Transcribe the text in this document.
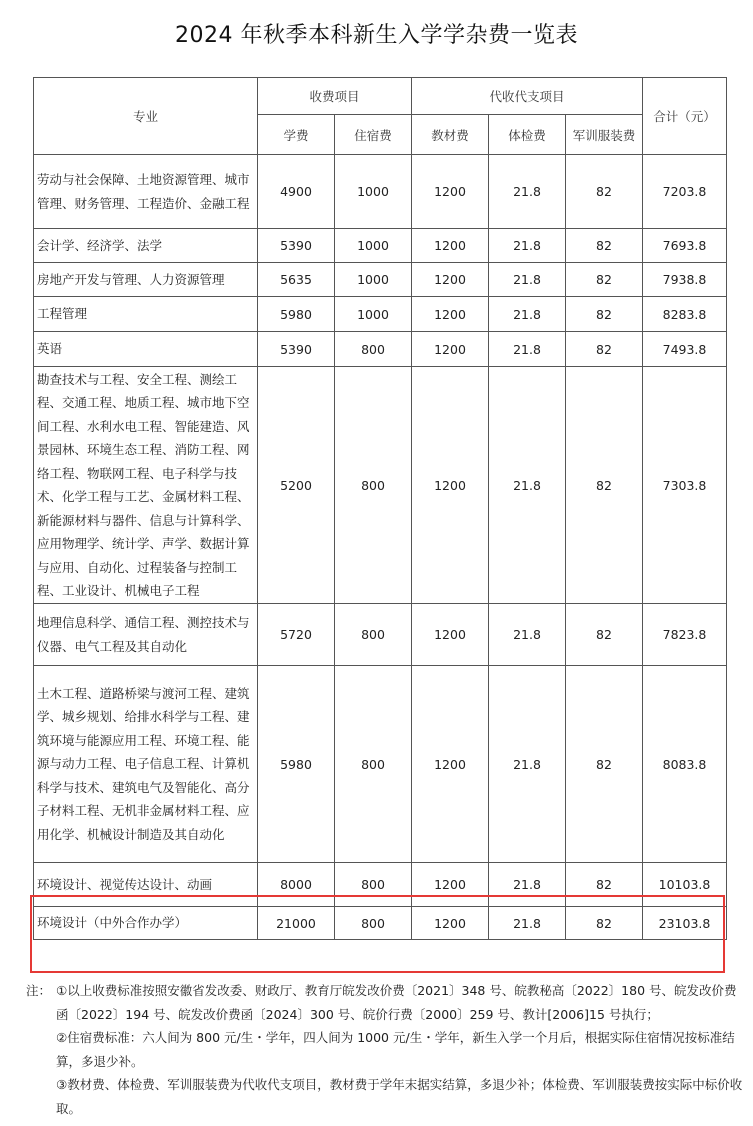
2024 年秋季本科新生入学学杂费一览表
专业	收费项目		代收代支项目			合计（元）
	学费	住宿费	教材费	体检费	军训服装费	
劳动与社会保障、土地资源管理、城市管理、财务管理、工程造价、金融工程	4900	1000	1200	21.8	82	7203.8
会计学、经济学、法学	5390	1000	1200	21.8	82	7693.8
房地产开发与管理、人力资源管理	5635	1000	1200	21.8	82	7938.8
工程管理	5980	1000	1200	21.8	82	8283.8
英语	5390	800	1200	21.8	82	7493.8
勘查技术与工程、安全工程、测绘工程、交通工程、地质工程、城市地下空间工程、水利水电工程、智能建造、风景园林、环境生态工程、消防工程、网络工程、物联网工程、电子科学与技术、化学工程与工艺、金属材料工程、新能源材料与器件、信息与计算科学、应用物理学、统计学、声学、数据计算与应用、自动化、过程装备与控制工程、工业设计、机械电子工程	5200	800	1200	21.8	82	7303.8
地理信息科学、通信工程、测控技术与仪器、电气工程及其自动化	5720	800	1200	21.8	82	7823.8
土木工程、道路桥梁与渡河工程、建筑学、城乡规划、给排水科学与工程、建筑环境与能源应用工程、环境工程、能源与动力工程、电子信息工程、计算机科学与技术、建筑电气及智能化、高分子材料工程、无机非金属材料工程、应用化学、机械设计制造及其自动化	5980	800	1200	21.8	82	8083.8
环境设计、视觉传达设计、动画	8000	800	1200	21.8	82	10103.8
环境设计（中外合作办学）	21000	800	1200	21.8	82	23103.8
注： ①以上收费标准按照安徽省发改委、财政厅、教育厅皖发改价费〔2021〕348 号、皖教秘高〔2022〕180 号、皖发改价费函〔2022〕194 号、皖发改价费函〔2024〕300 号、皖价行费〔2000〕259 号、教计[2006]15 号执行；
②住宿费标准：六人间为 800 元/生・学年，四人间为 1000 元/生・学年，新生入学一个月后，根据实际住宿情况按标准结算，多退少补。
③教材费、体检费、军训服装费为代收代支项目，教材费于学年末据实结算，多退少补；体检费、军训服装费按实际中标价收取。
